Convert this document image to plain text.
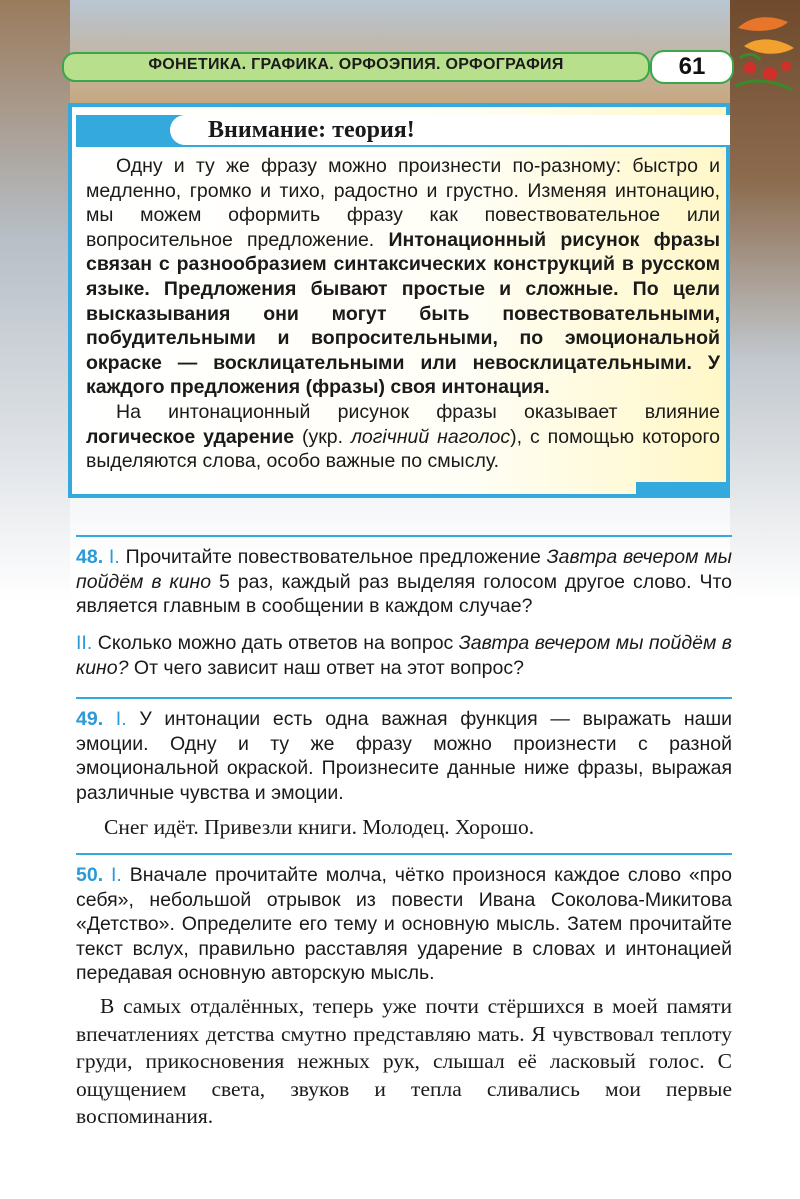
ФОНЕТИКА. ГРАФИКА. ОРФОЭПИЯ. ОРФОГРАФИЯ	61
Внимание: теория!

Одну и ту же фразу можно произнести по-разному: быстро и медленно, громко и тихо, радостно и грустно. Изменяя интонацию, мы можем оформить фразу как повествовательное или вопросительное предложение. Интонационный рисунок фразы связан с разнообразием синтаксических конструкций в русском языке. Предложения бывают простые и сложные. По цели высказывания они могут быть повествовательными, побудительными и вопросительными, по эмоциональной окраске — восклицательными или невосклицательными. У каждого предложения (фразы) своя интонация.

На интонационный рисунок фразы оказывает влияние логическое ударение (укр. логічний наголос), с помощью которого выделяются слова, особо важные по смыслу.

48. I. Прочитайте повествовательное предложение Завтра вечером мы пойдём в кино 5 раз, каждый раз выделяя голосом другое слово. Что является главным в сообщении в каждом случае?
II. Сколько можно дать ответов на вопрос Завтра вечером мы пойдём в кино? От чего зависит наш ответ на этот вопрос?
49. I. У интонации есть одна важная функция — выражать наши эмоции. Одну и ту же фразу можно произнести с разной эмоциональной окраской. Произнесите данные ниже фразы, выражая различные чувства и эмоции.
Снег идёт. Привезли книги. Молодец. Хорошо.
50. I. Вначале прочитайте молча, чётко произнося каждое слово «про себя», небольшой отрывок из повести Ивана Соколова-Микитова «Детство». Определите его тему и основную мысль. Затем прочитайте текст вслух, правильно расставляя ударение в словах и интонацией передавая основную авторскую мысль.
В самых отдалённых, теперь уже почти стёршихся в моей памяти впечатлениях детства смутно представляю мать. Я чувствовал теплоту груди, прикосновения нежных рук, слышал её ласковый голос. С ощущением света, звуков и тепла сливались мои первые воспоминания.
